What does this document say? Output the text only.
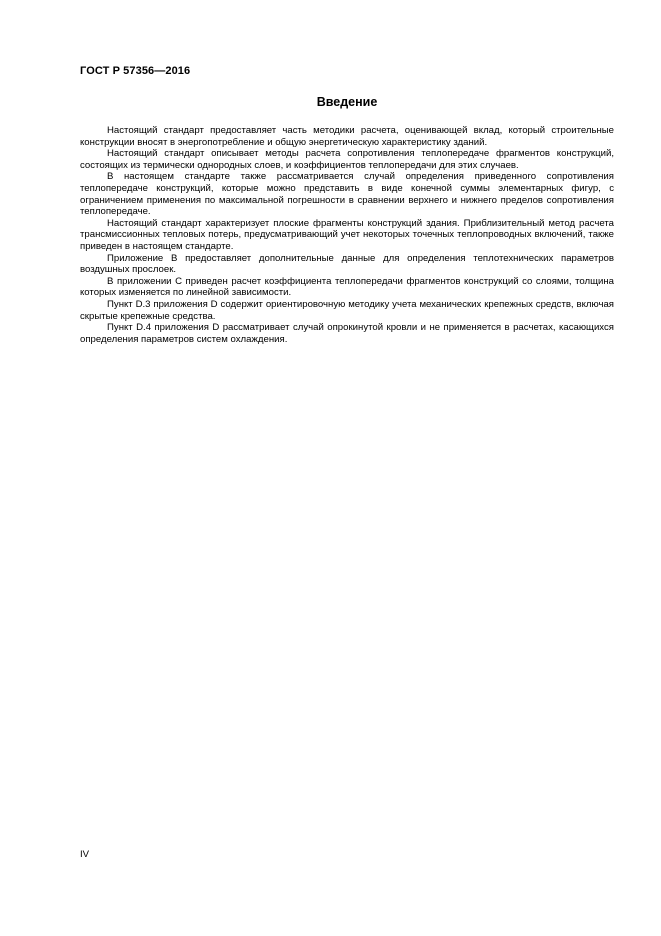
ГОСТ Р 57356—2016
Введение

Настоящий стандарт предоставляет часть методики расчета, оценивающей вклад, который строительные конструкции вносят в энергопотребление и общую энергетическую характеристику зданий.

Настоящий стандарт описывает методы расчета сопротивления теплопередаче фрагментов конструкций, состоящих из термически однородных слоев, и коэффициентов теплопередачи для этих случаев.

В настоящем стандарте также рассматривается случай определения приведенного сопротивления теплопередаче конструкций, которые можно представить в виде конечной суммы элементарных фигур, с ограничением применения по максимальной погрешности в сравнении верхнего и нижнего пределов сопротивления теплопередаче.

Настоящий стандарт характеризует плоские фрагменты конструкций здания. Приблизительный метод расчета трансмиссионных тепловых потерь, предусматривающий учет некоторых точечных теплопроводных включений, также приведен в настоящем стандарте.

Приложение В предоставляет дополнительные данные для определения теплотехнических параметров воздушных прослоек.

В приложении С приведен расчет коэффициента теплопередачи фрагментов конструкций со слоями, толщина которых изменяется по линейной зависимости.

Пункт D.3 приложения D содержит ориентировочную методику учета механических крепежных средств, включая скрытые крепежные средства.

Пункт D.4 приложения D рассматривает случай опрокинутой кровли и не применяется в расчетах, касающихся определения параметров систем охлаждения.

IV
